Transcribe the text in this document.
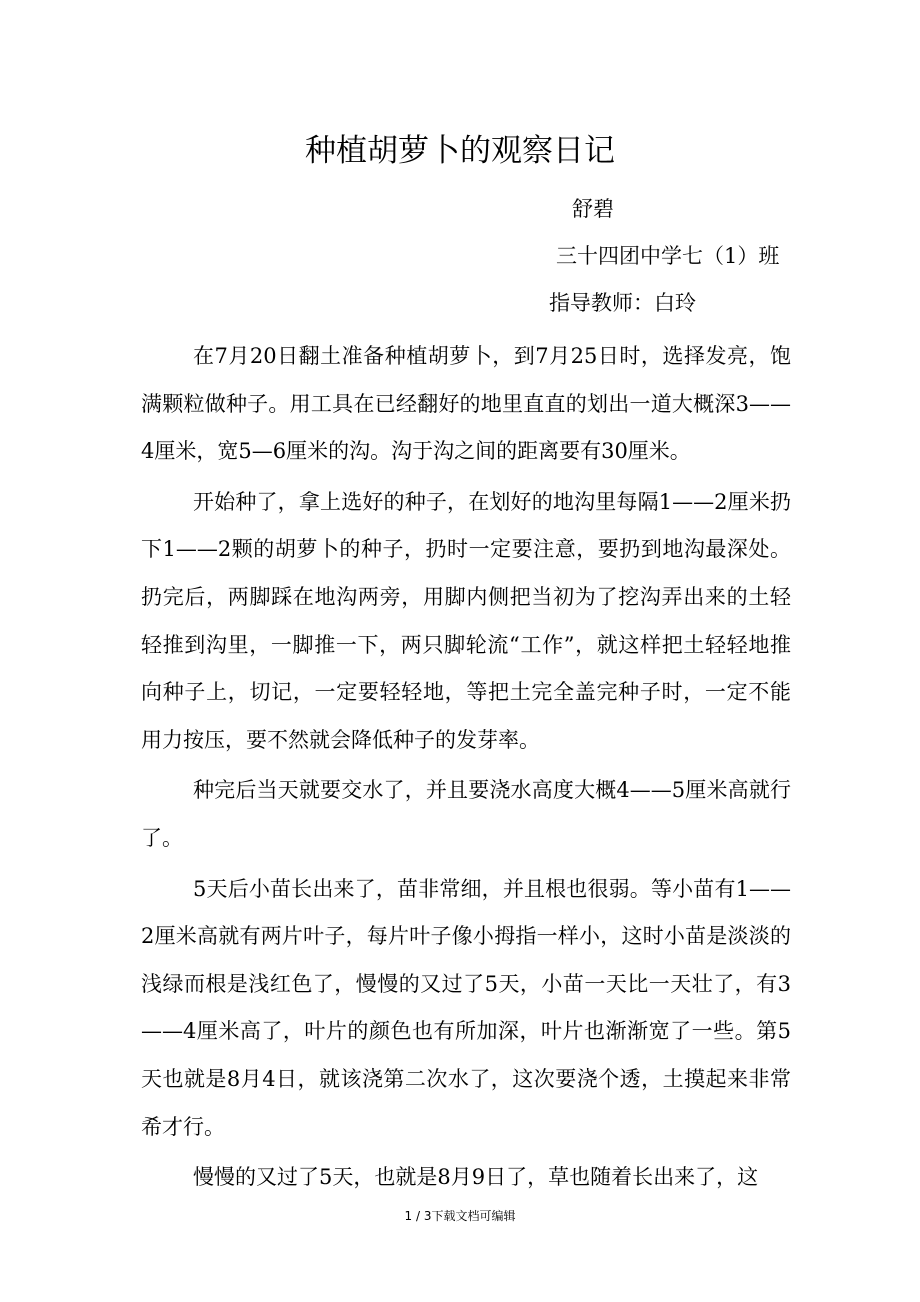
种植胡萝卜的观察日记
舒碧
三十四团中学七（1）班
指导教师：白玲

在7月20日翻土准备种植胡萝卜，到7月25日时，选择发亮，饱满颗粒做种子。用工具在已经翻好的地里直直的划出一道大概深3——4厘米，宽5—6厘米的沟。沟于沟之间的距离要有30厘米。

开始种了，拿上选好的种子，在划好的地沟里每隔1——2厘米扔下1——2颗的胡萝卜的种子，扔时一定要注意，要扔到地沟最深处。扔完后，两脚踩在地沟两旁，用脚内侧把当初为了挖沟弄出来的土轻轻推到沟里，一脚推一下，两只脚轮流“工作”，就这样把土轻轻地推向种子上，切记，一定要轻轻地，等把土完全盖完种子时，一定不能用力按压，要不然就会降低种子的发芽率。

种完后当天就要交水了，并且要浇水高度大概4——5厘米高就行了。

5天后小苗长出来了，苗非常细，并且根也很弱。等小苗有1——2厘米高就有两片叶子，每片叶子像小拇指一样小，这时小苗是淡淡的浅绿而根是浅红色了，慢慢的又过了5天，小苗一天比一天壮了，有3——4厘米高了，叶片的颜色也有所加深，叶片也渐渐宽了一些。第5天也就是8月4日，就该浇第二次水了，这次要浇个透，土摸起来非常希才行。

慢慢的又过了5天，也就是8月9日了，草也随着长出来了，这

1 / 3下载文档可编辑
